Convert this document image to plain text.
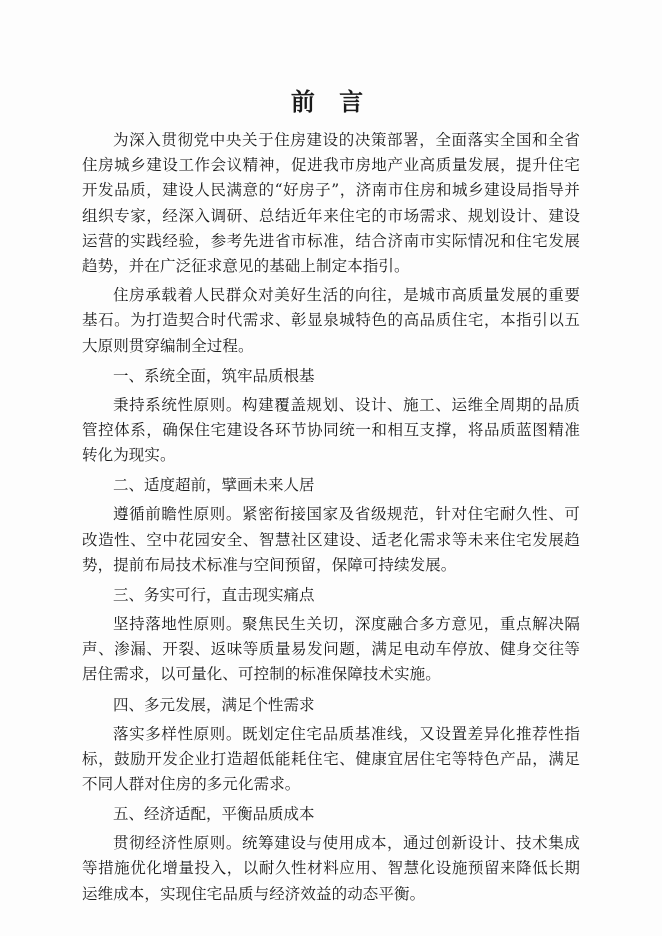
前 言

为深入贯彻党中央关于住房建设的决策部署，全面落实全国和全省住房城乡建设工作会议精神，促进我市房地产业高质量发展，提升住宅开发品质，建设人民满意的“好房子”，济南市住房和城乡建设局指导并组织专家，经深入调研、总结近年来住宅的市场需求、规划设计、建设运营的实践经验，参考先进省市标准，结合济南市实际情况和住宅发展趋势，并在广泛征求意见的基础上制定本指引。

住房承载着人民群众对美好生活的向往，是城市高质量发展的重要基石。为打造契合时代需求、彰显泉城特色的高品质住宅，本指引以五大原则贯穿编制全过程。

一、系统全面，筑牢品质根基

秉持系统性原则。构建覆盖规划、设计、施工、运维全周期的品质管控体系，确保住宅建设各环节协同统一和相互支撑，将品质蓝图精准转化为现实。

二、适度超前，擘画未来人居

遵循前瞻性原则。紧密衔接国家及省级规范，针对住宅耐久性、可改造性、空中花园安全、智慧社区建设、适老化需求等未来住宅发展趋势，提前布局技术标准与空间预留，保障可持续发展。

三、务实可行，直击现实痛点

坚持落地性原则。聚焦民生关切，深度融合多方意见，重点解决隔声、渗漏、开裂、返味等质量易发问题，满足电动车停放、健身交往等居住需求，以可量化、可控制的标准保障技术实施。

四、多元发展，满足个性需求

落实多样性原则。既划定住宅品质基准线，又设置差异化推荐性指标，鼓励开发企业打造超低能耗住宅、健康宜居住宅等特色产品，满足不同人群对住房的多元化需求。

五、经济适配，平衡品质成本

贯彻经济性原则。统筹建设与使用成本，通过创新设计、技术集成等措施优化增量投入，以耐久性材料应用、智慧化设施预留来降低长期运维成本，实现住宅品质与经济效益的动态平衡。
